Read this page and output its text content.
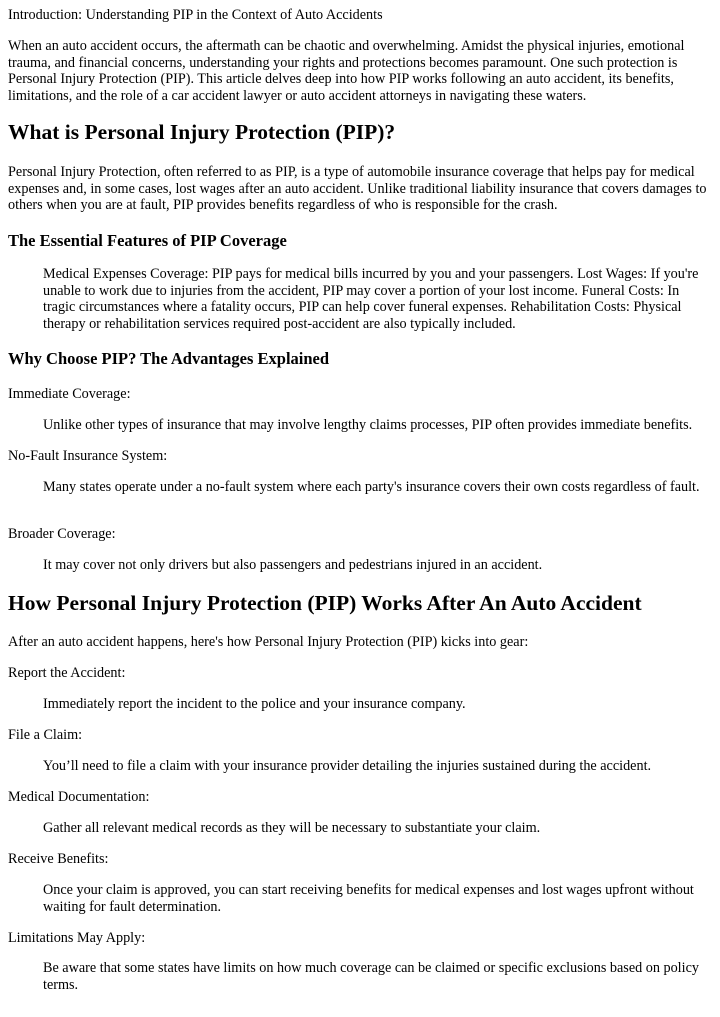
Introduction: Understanding PIP in the Context of Auto Accidents

When an auto accident occurs, the aftermath can be chaotic and overwhelming. Amidst the physical injuries, emotional trauma, and financial concerns, understanding your rights and protections becomes paramount. One such protection is Personal Injury Protection (PIP). This article delves deep into how PIP works following an auto accident, its benefits, limitations, and the role of a car accident lawyer or auto accident attorneys in navigating these waters.

What is Personal Injury Protection (PIP)?

Personal Injury Protection, often referred to as PIP, is a type of automobile insurance coverage that helps pay for medical expenses and, in some cases, lost wages after an auto accident. Unlike traditional liability insurance that covers damages to others when you are at fault, PIP provides benefits regardless of who is responsible for the crash.

The Essential Features of PIP Coverage

Medical Expenses Coverage: PIP pays for medical bills incurred by you and your passengers. Lost Wages: If you're unable to work due to injuries from the accident, PIP may cover a portion of your lost income. Funeral Costs: In tragic circumstances where a fatality occurs, PIP can help cover funeral expenses. Rehabilitation Costs: Physical therapy or rehabilitation services required post-accident are also typically included.

Why Choose PIP? The Advantages Explained

Immediate Coverage:

Unlike other types of insurance that may involve lengthy claims processes, PIP often provides immediate benefits.

No-Fault Insurance System:

Many states operate under a no-fault system where each party's insurance covers their own costs regardless of fault.

Broader Coverage:

It may cover not only drivers but also passengers and pedestrians injured in an accident.

How Personal Injury Protection (PIP) Works After An Auto Accident

After an auto accident happens, here's how Personal Injury Protection (PIP) kicks into gear:

Report the Accident:

Immediately report the incident to the police and your insurance company.

File a Claim:

You’ll need to file a claim with your insurance provider detailing the injuries sustained during the accident.

Medical Documentation:

Gather all relevant medical records as they will be necessary to substantiate your claim.

Receive Benefits:

Once your claim is approved, you can start receiving benefits for medical expenses and lost wages upfront without waiting for fault determination.

Limitations May Apply:

Be aware that some states have limits on how much coverage can be claimed or specific exclusions based on policy terms.
